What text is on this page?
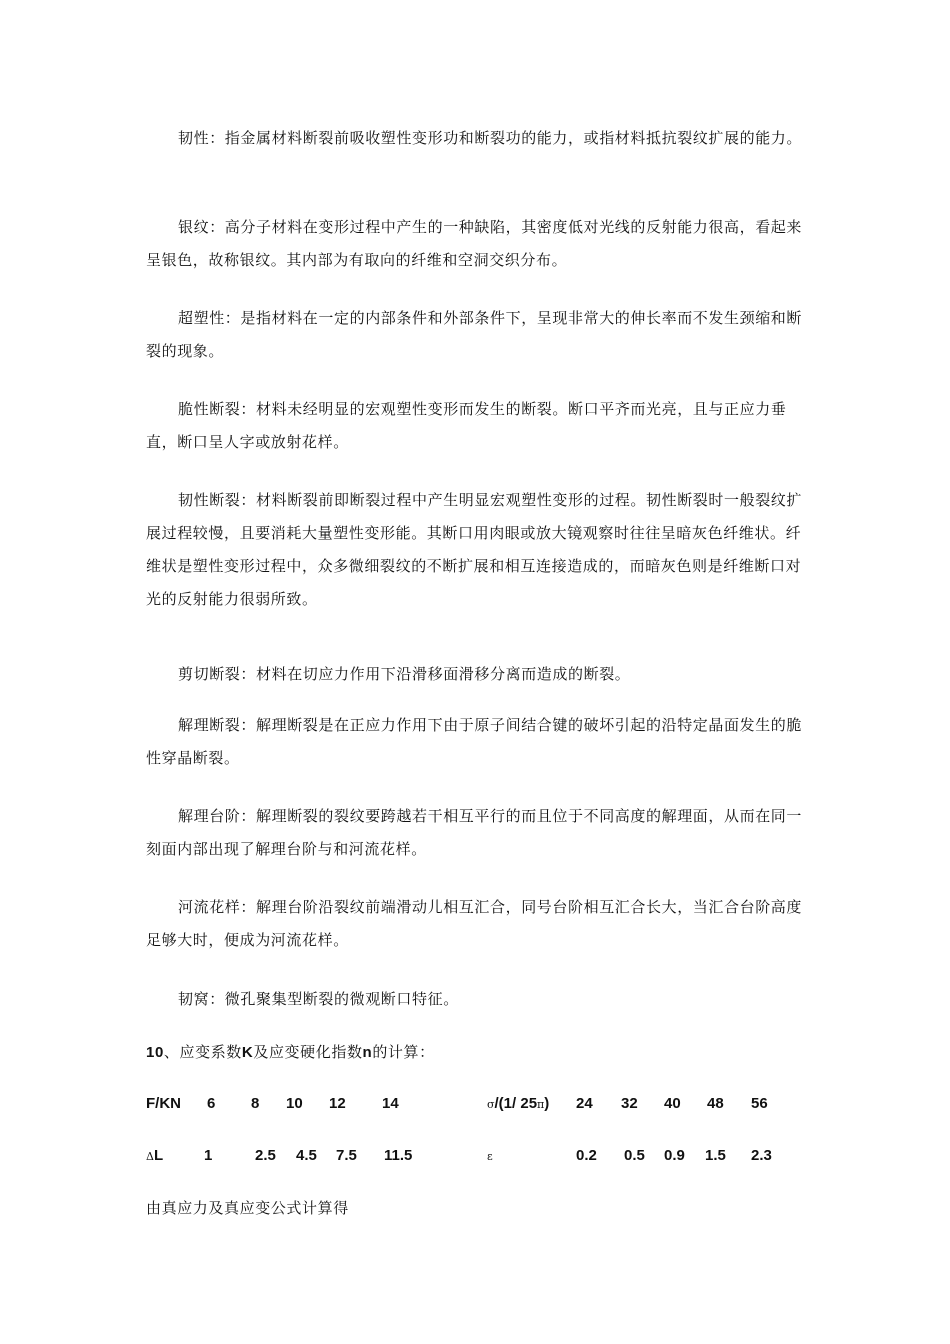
韧性：指金属材料断裂前吸收塑性变形功和断裂功的能力，或指材料抵抗裂纹扩展的能力。

银纹：高分子材料在变形过程中产生的一种缺陷，其密度低对光线的反射能力很高，看起来呈银色，故称银纹。其内部为有取向的纤维和空洞交织分布。

超塑性：是指材料在一定的内部条件和外部条件下，呈现非常大的伸长率而不发生颈缩和断裂的现象。

脆性断裂：材料未经明显的宏观塑性变形而发生的断裂。断口平齐而光亮，且与正应力垂直，断口呈人字或放射花样。

韧性断裂：材料断裂前即断裂过程中产生明显宏观塑性变形的过程。韧性断裂时一般裂纹扩展过程较慢，且要消耗大量塑性变形能。其断口用肉眼或放大镜观察时往往呈暗灰色纤维状。纤维状是塑性变形过程中，众多微细裂纹的不断扩展和相互连接造成的，而暗灰色则是纤维断口对光的反射能力很弱所致。

剪切断裂：材料在切应力作用下沿滑移面滑移分离而造成的断裂。

解理断裂：解理断裂是在正应力作用下由于原子间结合键的破坏引起的沿特定晶面发生的脆性穿晶断裂。

解理台阶：解理断裂的裂纹要跨越若干相互平行的而且位于不同高度的解理面，从而在同一刻面内部出现了解理台阶与和河流花样。

河流花样：解理台阶沿裂纹前端滑动儿相互汇合，同号台阶相互汇合长大，当汇合台阶高度足够大时，便成为河流花样。

韧窝：微孔聚集型断裂的微观断口特征。

10、应变系数K及应变硬化指数n的计算：

F/KN 6 8 10 12 14	σ/(1/ 25π) 24 32 40 48 56
ΔL	1	2.5 4.5 7.5 11.5	ε	0.2 0.5 0.9 1.5 2.3

由真应力及真应变公式计算得
